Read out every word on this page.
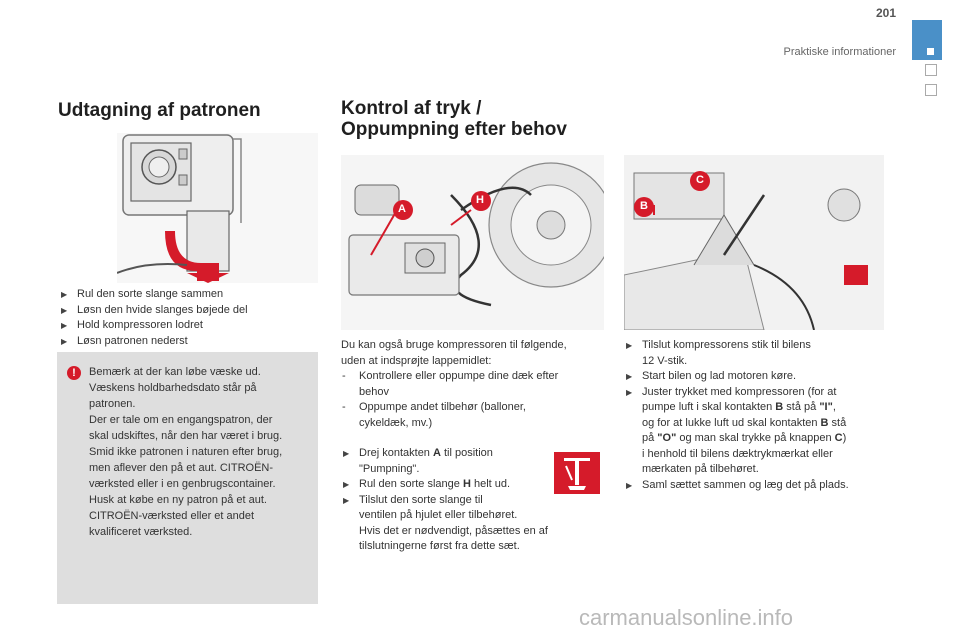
201
Praktiske informationer
Udtagning af patronen
▶ Rul den sorte slange sammen
▶ Løsn den hvide slanges bøjede del
▶ Hold kompressoren lodret
▶ Løsn patronen nederst
!	Bemærk at der kan løbe væske ud.

Væskens holdbarhedsdato står på

patronen.

Der er tale om en engangspatron, der

skal udskiftes, når den har været i brug.

Smid ikke patronen i naturen efter brug,

men aflever den på et aut. CITROËN-

værksted eller i en genbrugscontainer.

Husk at købe en ny patron på et aut.

CITROËN-værksted eller et andet

kvalificeret værksted.

Kontrol af tryk /
Oppumpning efter behov
A
H	B
C

Du kan også bruge kompressoren til følgende,

uden at indsprøjte lappemidlet:

- Kontrollere eller oppumpe dine dæk efter
behov
- Oppumpe andet tilbehør (balloner,
cykeldæk, mv.)
▶ Drej kontakten A til position
"Pumpning".
▶ Rul den sorte slange H helt ud.
▶ Tilslut den sorte slange til
ventilen på hjulet eller tilbehøret.
Hvis det er nødvendigt, påsættes en af
tilslutningerne først fra dette sæt.
▶ Tilslut kompressorens stik til bilens
12 V-stik.
▶ Start bilen og lad motoren køre.
▶ Juster trykket med kompressoren (for at
pumpe luft i skal kontakten B stå på "I",
og for at lukke luft ud skal kontakten B stå
på "O" og man skal trykke på knappen C)
i henhold til bilens dæktrykmærkat eller
mærkaten på tilbehøret.
▶ Saml sættet sammen og læg det på plads.
carmanualsonline.info
